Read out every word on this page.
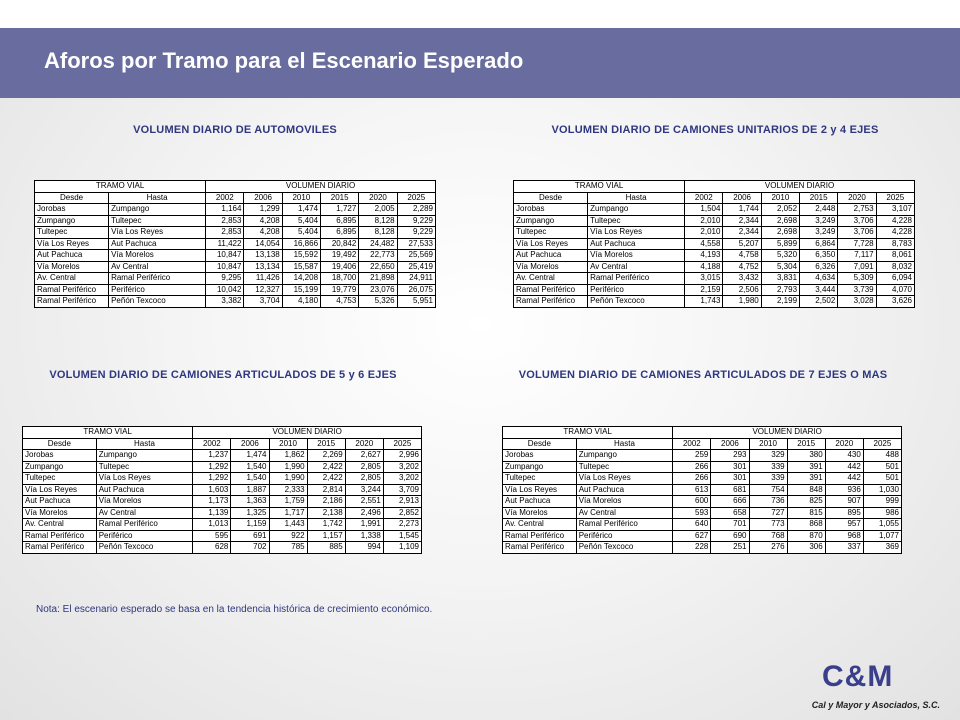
Aforos por Tramo para el Escenario Esperado
VOLUMEN DIARIO DE AUTOMOVILES	VOLUMEN DIARIO DE CAMIONES UNITARIOS DE 2 y 4 EJES
VOLUMEN DIARIO DE CAMIONES ARTICULADOS DE 5 y 6 EJES	VOLUMEN DIARIO DE CAMIONES ARTICULADOS DE 7 EJES O MAS
TRAMO VIAL		VOLUMEN DIARIO					
Desde	Hasta	2002	2006	2010	2015	2020	2025
Jorobas	Zumpango	1,164	1,299	1,474	1,727	2,005	2,289
Zumpango	Tultepec	2,853	4,208	5,404	6,895	8,128	9,229
Tultepec	Vía Los Reyes	2,853	4,208	5,404	6,895	8,128	9,229
Vía Los Reyes	Aut Pachuca	11,422	14,054	16,866	20,842	24,482	27,533
Aut Pachuca	Vía Morelos	10,847	13,138	15,592	19,492	22,773	25,569
Vía Morelos	Av Central	10,847	13,134	15,587	19,406	22,650	25,419
Av. Central	Ramal Periférico	9,295	11,426	14,208	18,700	21,898	24,911
Ramal Periférico	Periférico	10,042	12,327	15,199	19,779	23,076	26,075
Ramal Periférico	Peñón Texcoco	3,382	3,704	4,180	4,753	5,326	5,951
TRAMO VIAL		VOLUMEN DIARIO					
Desde	Hasta	2002	2006	2010	2015	2020	2025
Jorobas	Zumpango	1,504	1,744	2,052	2,448	2,753	3,107
Zumpango	Tultepec	2,010	2,344	2,698	3,249	3,706	4,228
Tultepec	Vía Los Reyes	2,010	2,344	2,698	3,249	3,706	4,228
Vía Los Reyes	Aut Pachuca	4,558	5,207	5,899	6,864	7,728	8,783
Aut Pachuca	Vía Morelos	4,193	4,758	5,320	6,350	7,117	8,061
Vía Morelos	Av Central	4,188	4,752	5,304	6,326	7,091	8,032
Av. Central	Ramal Periférico	3,015	3,432	3,831	4,634	5,309	6,094
Ramal Periférico	Periférico	2,159	2,506	2,793	3,444	3,739	4,070
Ramal Periférico	Peñón Texcoco	1,743	1,980	2,199	2,502	3,028	3,626
TRAMO VIAL		VOLUMEN DIARIO					
Desde	Hasta	2002	2006	2010	2015	2020	2025
Jorobas	Zumpango	1,237	1,474	1,862	2,269	2,627	2,996
Zumpango	Tultepec	1,292	1,540	1,990	2,422	2,805	3,202
Tultepec	Vía Los Reyes	1,292	1,540	1,990	2,422	2,805	3,202
Vía Los Reyes	Aut Pachuca	1,603	1,887	2,333	2,814	3,244	3,709
Aut Pachuca	Vía Morelos	1,173	1,363	1,759	2,186	2,551	2,913
Vía Morelos	Av Central	1,139	1,325	1,717	2,138	2,496	2,852
Av. Central	Ramal Periférico	1,013	1,159	1,443	1,742	1,991	2,273
Ramal Periférico	Periférico	595	691	922	1,157	1,338	1,545
Ramal Periférico	Peñón Texcoco	628	702	785	885	994	1,109
TRAMO VIAL		VOLUMEN DIARIO					
Desde	Hasta	2002	2006	2010	2015	2020	2025
Jorobas	Zumpango	259	293	329	380	430	488
Zumpango	Tultepec	266	301	339	391	442	501
Tultepec	Vía Los Reyes	266	301	339	391	442	501
Vía Los Reyes	Aut Pachuca	613	681	754	848	936	1,030
Aut Pachuca	Vía Morelos	600	666	736	825	907	999
Vía Morelos	Av Central	593	658	727	815	895	986
Av. Central	Ramal Periférico	640	701	773	868	957	1,055
Ramal Periférico	Periférico	627	690	768	870	968	1,077
Ramal Periférico	Peñón Texcoco	228	251	276	306	337	369
Nota: El escenario esperado se basa en la tendencia histórica de crecimiento económico.
C&M
Cal y Mayor y Asociados, S.C.
